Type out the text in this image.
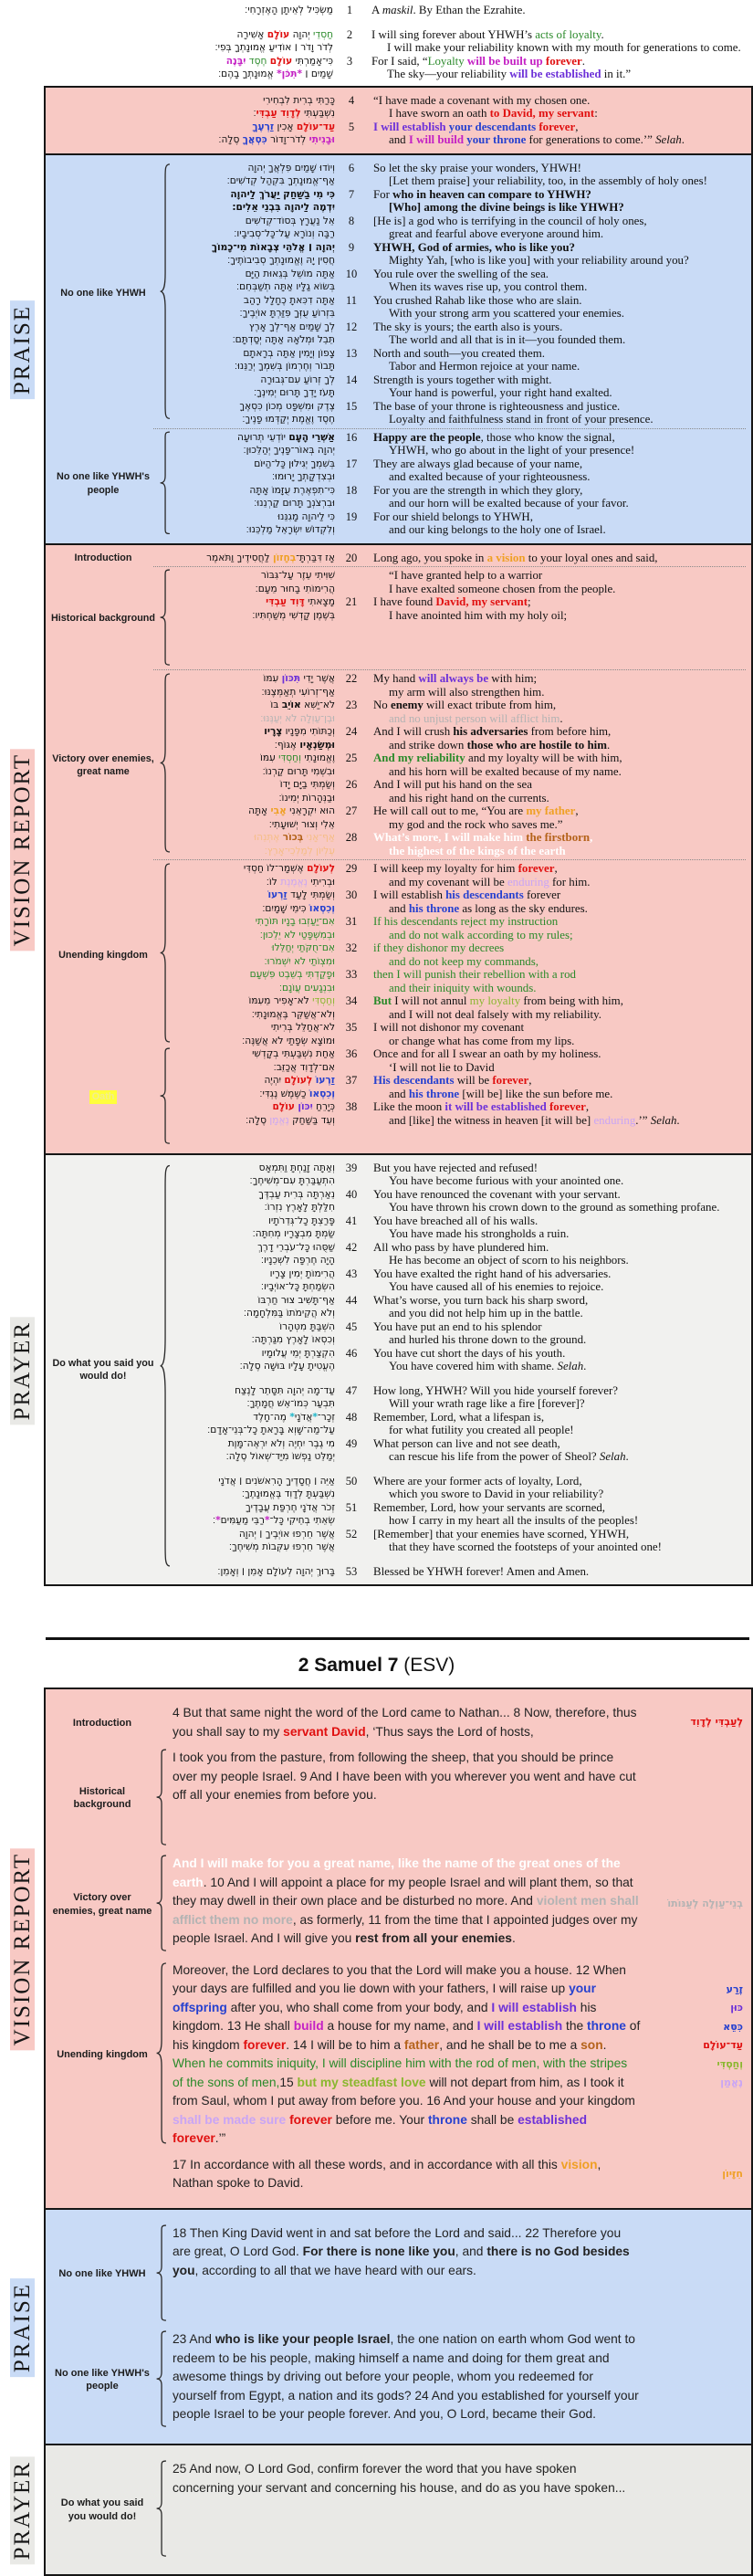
מַשְׂכִּיל לְאֵיתָן הָאֶזְרָחִי׃	1	A maskil. By Ethan the Ezrahite.
חַסְדֵי יְהוָה עוֹלָם אָשִׁירָה
לְדֹר וָדֹר ׀ אוֹדִיעַ אֱמוּנָתְךָ בְּפִי׃
2	I will sing forever about YHWH’s acts of loyalty.
I will make your reliability known with my mouth for generations to come.
כִּי־אָמַרְתִּי עוֹלָם חֶסֶד יִבָּנֶה
שָׁמַיִם ׀ *תִּכֹּן* אֱמוּנָתְךָ בָהֶם׃
3	For I said, “Loyalty will be built up forever.
The sky—your reliability will be established in it.”
כָּרַתִּי בְרִית לִבְחִירִי
נִשְׁבַּעְתִּי לְדָוִד עַבְדִּי׃
4	“I have made a covenant with my chosen one.
I have sworn an oath to David, my servant:
עַד־עוֹלָם אָכִין זַרְעֶךָ
וּבָנִיתִי לְדֹר־וָדוֹר כִּסְאֲךָ סֶלָה׃
5	I will establish your descendants forever,
and I will build your throne for generations to come.’” Selah.
PRAISE
No one like YHWH
וְיוֹדוּ שָׁמַיִם פִּלְאֲךָ יְהוָה
אַף־אֱמוּנָתְךָ בִּקְהַל קְדֹשִׁים׃
6	So let the sky praise your wonders, YHWH!
[Let them praise] your reliability, too, in the assembly of holy ones!
כִּי מִי בַשַּׁחַק יַעֲרֹךְ לַיהוָה
יִדְמֶה לַיהוָה בִּבְנֵי אֵלִים׃
7	For who in heaven can compare to YHWH?
[Who] among the divine beings is like YHWH?
אֵל נַעֲרָץ בְּסוֹד־קְדֹשִׁים
רַבָּה וְנוֹרָא עַל־כָּל־סְבִיבָיו׃
8	[He is] a god who is terrifying in the council of holy ones,
great and fearful above everyone around him.
יְהוָה ׀ אֱלֹהֵי צְבָאוֹת מִי־כָמוֹךָ
חֲסִין יָהּ וֶאֱמוּנָתְךָ סְבִיבוֹתֶיךָ׃
9	YHWH, God of armies, who is like you?
Mighty Yah, [who is like you] with your reliability around you?
אַתָּה מוֹשֵׁל בְּגֵאוּת הַיָּם
בְּשׂוֹא גַלָּיו אַתָּה תְשַׁבְּחֵם׃
10	You rule over the swelling of the sea.
When its waves rise up, you control them.
אַתָּה דִכִּאתָ כֶחָלָל רָהַב
בִּזְרוֹעַ עֻזְּךָ פִּזַּרְתָּ אוֹיְבֶיךָ׃
11	You crushed Rahab like those who are slain.
With your strong arm you scattered your enemies.
לְךָ שָׁמַיִם אַף־לְךָ אָרֶץ
תֵּבֵל וּמְלֹאָהּ אַתָּה יְסַדְתָּם׃
12	The sky is yours; the earth also is yours.
The world and all that is in it—you founded them.
צָפוֹן וְיָמִין אַתָּה בְרָאתָם
תָּבוֹר וְחֶרְמוֹן בְּשִׁמְךָ יְרַנֵּנוּ׃
13	North and south—you created them.
Tabor and Hermon rejoice at your name.
לְךָ זְרוֹעַ עִם־גְּבוּרָה
תָּעֹז יָדְךָ תָּרוּם יְמִינֶךָ׃
14	Strength is yours together with might.
Your hand is powerful, your right hand exalted.
צֶדֶק וּמִשְׁפָּט מְכוֹן כִּסְאֶךָ
חֶסֶד וֶאֱמֶת יְקַדְּמוּ פָנֶיךָ׃
15	The base of your throne is righteousness and justice.
Loyalty and faithfulness stand in front of your presence.
No one like YHWH's people
אַשְׁרֵי הָעָם יוֹדְעֵי תְרוּעָה
יְהוָה בְּאוֹר־פָּנֶיךָ יְהַלֵּכוּן׃
16	Happy are the people, those who know the signal,
YHWH, who go about in the light of your presence!
בְּשִׁמְךָ יְגִילוּן כָּל־הַיּוֹם
וּבְצִדְקָתְךָ יָרוּמוּ׃
17	They are always glad because of your name,
and exalted because of your righteousness.
כִּי־תִפְאֶרֶת עֻזָּמוֹ אָתָּה
וּבִרְצֹנְךָ תָּרוּם קַרְנֵנוּ׃
18	For you are the strength in which they glory,
and our horn will be exalted because of your favor.
כִּי לַיהוָה מָגִנֵּנוּ
וְלִקְדוֹשׁ יִשְׂרָאֵל מַלְכֵּנוּ׃
19	For our shield belongs to YHWH,
and our king belongs to the holy one of Israel.
VISION REPORT
Introduction	אָז דִּבַּרְתָּ־בְחָזוֹן לַחֲסִידֶיךָ וַתֹּאמֶר	20	Long ago, you spoke in a vision to your loyal ones and said,
Historical background
שִׁוִּיתִי עֵזֶר עַל־גִּבּוֹר
הֲרִימוֹתִי בָחוּר מֵעָם׃
“I have granted help to a warrior
I have exalted someone chosen from the people.
מָצָאתִי דָּוִד עַבְדִּי
בְּשֶׁמֶן קָדְשִׁי מְשַׁחְתִּיו׃
21	I have found David, my servant;
I have anointed him with my holy oil;
Victory over enemies, great name
אֲשֶׁר יָדִי תִּכּוֹן עִמּוֹ
אַף־זְרוֹעִי תְאַמְּצֶנּוּ׃
22	My hand will always be with him;
my arm will also strengthen him.
לֹא־יַשִּׁא אוֹיֵב בּוֹ
וּבֶן־עַוְלָה לֹא יְעַנֶּנּוּ׃
23	No enemy will exact tribute from him,
and no unjust person will afflict him.
וְכַתּוֹתִי מִפָּנָיו צָרָיו
וּמְשַׂנְאָיו אֶגּוֹף׃
24	And I will crush his adversaries from before him,
and strike down those who are hostile to him.
וֶאֱמוּנָתִי וְחַסְדִּי עִמּוֹ
וּבִשְׁמִי תָּרוּם קַרְנוֹ׃
25	And my reliability and my loyalty will be with him,
and his horn will be exalted because of my name.
וְשַׂמְתִּי בַיָּם יָדוֹ
וּבַנְּהָרוֹת יְמִינוֹ׃
26	And I will put his hand on the sea
and his right hand on the currents.
הוּא יִקְרָאֵנִי אָבִי אָתָּה
אֵלִי וְצוּר יְשׁוּעָתִי׃
27	He will call out to me, “You are my father,
my god and the rock who saves me.”
אַף־אָנִי בְּכוֹר אֶתְּנֵהוּ
עֶלְיוֹן לְמַלְכֵי־אָרֶץ׃
28	What’s more, I will make him the firstborn,
the highest of the kings of the earth
Unending kingdom
לְעוֹלָם אֶשְׁמָר־לוֹ חַסְדִּי
וּבְרִיתִי נֶאֱמֶנֶת לוֹ׃
29	I will keep my loyalty for him forever,
and my covenant will be enduring for him.
וְשַׂמְתִּי לָעַד זַרְעוֹ
וְכִסְאוֹ כִּימֵי שָׁמָיִם׃
30	I will establish his descendants forever
and his throne as long as the sky endures.
אִם־יַעַזְבוּ בָנָיו תּוֹרָתִי
וּבְמִשְׁפָּטַי לֹא יֵלֵכוּן׃
31	If his descendants reject my instruction
and do not walk according to my rules;
אִם־חֻקֹּתַי יְחַלֵּלוּ
וּמִצְוֹתַי לֹא יִשְׁמֹרוּ׃
32	if they dishonor my decrees
and do not keep my commands,
וּפָקַדְתִּי בְשֵׁבֶט פִּשְׁעָם
וּבִנְגָעִים עֲוֹנָם׃
33	then I will punish their rebellion with a rod
and their iniquity with wounds.
וְחַסְדִּי לֹא־אָפִיר מֵעִמּוֹ
וְלֹא־אֲשַׁקֵּר בֶּאֱמוּנָתִי׃
34	But I will not annul my loyalty from being with him,
and I will not deal falsely with my reliability.
לֹא־אֲחַלֵּל בְּרִיתִי
וּמוֹצָא שְׂפָתַי לֹא אֲשַׁנֶּה׃
35	I will not dishonor my covenant
or change what has come from my lips.
Oath
אַחַת נִשְׁבַּעְתִּי בְקָדְשִׁי
אִם־לְדָוִד אֲכַזֵּב׃
36	Once and for all I swear an oath by my holiness.
‘I will not lie to David
זַרְעוֹ לְעוֹלָם יִהְיֶה
וְכִסְאוֹ כַשֶּׁמֶשׁ נֶגְדִּי׃
37	His descendants will be forever,
and his throne [will be] like the sun before me.
כְּיָרֵחַ יִכּוֹן עוֹלָם
וְעֵד בַּשַּׁחַק נֶאֱמָן סֶלָה׃
38	Like the moon it will be established forever,
and [like] the witness in heaven [it will be] enduring.’” Selah.
PRAYER Do what you said you would do!
וְאַתָּה זָנַחְתָּ וַתִּמְאָס
הִתְעַבַּרְתָּ עִם־מְשִׁיחֶךָ׃
39	But you have rejected and refused!
You have become furious with your anointed one.
נֵאַרְתָּה בְּרִית עַבְדֶּךָ
חִלַּלְתָּ לָאָרֶץ נִזְרוֹ׃
40	You have renounced the covenant with your servant.
You have thrown his crown down to the ground as something profane.
פָּרַצְתָּ כָל־גְּדֵרֹתָיו
שַׂמְתָּ מִבְצָרָיו מְחִתָּה׃
41	You have breached all of his walls.
You have made his strongholds a ruin.
שַׁסֻּהוּ כָּל־עֹבְרֵי דָרֶךְ
הָיָה חֶרְפָּה לִשְׁכֵנָיו׃
42	All who pass by have plundered him.
He has become an object of scorn to his neighbors.
הֲרִימוֹתָ יְמִין צָרָיו
הִשְׂמַחְתָּ כָּל־אוֹיְבָיו׃
43	You have exalted the right hand of his adversaries.
You have caused all of his enemies to rejoice.
אַף־תָּשִׁיב צוּר חַרְבּוֹ
וְלֹא הֲקֵימֹתוֹ בַּמִּלְחָמָה׃
44	What’s worse, you turn back his sharp sword,
and you did not help him up in the battle.
הִשְׁבַּתָּ מִטְּהָרוֹ
וְכִסְאוֹ לָאָרֶץ מִגַּרְתָּה׃
45	You have put an end to his splendor
and hurled his throne down to the ground.
הִקְצַרְתָּ יְמֵי עֲלוּמָיו
הֶעֱטִיתָ עָלָיו בּוּשָׁה סֶלָה׃
46	You have cut short the days of his youth.
You have covered him with shame. Selah.
עַד־מָה יְהוָה תִּסָּתֵר לָנֶצַח
תִּבְעַר כְּמוֹ־אֵשׁ חֲמָתֶךָ׃
47	How long, YHWH? Will you hide yourself forever?
Will your wrath rage like a fire [forever]?
זְכָר־*אֲדֹנָי* מֶה־חָלֶד
עַל־מַה־שָּׁוְא בָּרָאתָ כָל־בְּנֵי־אָדָם׃
48	Remember, Lord, what a lifespan is,
for what futility you created all people!
מִי גֶבֶר יִחְיֶה וְלֹא יִרְאֶה־מָּוֶת
יְמַלֵּט נַפְשׁוֹ מִיַּד־שְׁאוֹל סֶלָה׃
49	What person can live and not see death,
can rescue his life from the power of Sheol? Selah.
אַיֵּה ׀ חֲסָדֶיךָ הָרִאשֹׁנִים ׀ אֲדֹנָי
נִשְׁבַּעְתָּ לְדָוִד בֶּאֱמוּנָתֶךָ׃
50	Where are your former acts of loyalty, Lord,
which you swore to David in your reliability?
זְכֹר אֲדֹנָי חֶרְפַּת עֲבָדֶיךָ
שְׂאֵתִי בְחֵיקִי כָּל־*רַבֵּי מַעַמִּים*׃
51	Remember, Lord, how your servants are scorned,
how I carry in my heart all the insults of the peoples!
אֲשֶׁר חֵרְפוּ אוֹיְבֶיךָ ׀ יְהוָה
אֲשֶׁר חֵרְפוּ עִקְּבוֹת מְשִׁיחֶךָ׃
52	[Remember] that your enemies have scorned, YHWH,
that they have scorned the footsteps of your anointed one!
בָּרוּךְ יְהוָה לְעוֹלָם אָמֵן ׀ וְאָמֵן׃ 53	Blessed be YHWH forever! Amen and Amen.
2 Samuel 7 (ESV)
VISION REPORT
Introduction
4 But that same night the word of the Lord came to Nathan... 8 Now, therefore, thus you shall say to my servant David, ‘Thus says the Lord of hosts,
לְעַבְדִּי לְדָוִד
Historical background
I took you from the pasture, from following the sheep, that you should be prince over my people Israel. 9 And I have been with you wherever you went and have cut off all your enemies from before you.
Victory over enemies, great name
And I will make for you a great name, like the name of the great ones of the earth. 10 And I will appoint a place for my people Israel and will plant them, so that they may dwell in their own place and be disturbed no more. And violent men shall afflict them no more, as formerly, 11 from the time that I appointed judges over my people Israel. And I will give you rest from all your enemies.
בְנֵי־עַוְלָה לְעַנּוֹתוֹ
Unending kingdom
Moreover, the Lord declares to you that the Lord will make you a house. 12 When your days are fulfilled and you lie down with your fathers, I will raise up your offspring after you, who shall come from your body, and I will establish his kingdom. 13 He shall build a house for my name, and I will establish the throne of his kingdom forever. 14 I will be to him a father, and he shall be to me a son. When he commits iniquity, I will discipline him with the rod of men, with the stripes of the sons of men,15 but my steadfast love will not depart from him, as I took it from Saul, whom I put away from before you. 16 And your house and your kingdom shall be made sure forever before me. Your throne shall be established forever.’”
זֶרַע
כּוּן
כִּסֵּא
עַד־עוֹלָם
וְחַסְדִּי
נֶאֱמַן
17 In accordance with all these words, and in accordance with all this vision, Nathan spoke to David.
חִזָּיוֹן
PRAISE
No one like YHWH
18 Then King David went in and sat before the Lord and said... 22 Therefore you are great, O Lord God. For there is none like you, and there is no God besides you, according to all that we have heard with our ears.
No one like YHWH's people
23 And who is like your people Israel, the one nation on earth whom God went to redeem to be his people, making himself a name and doing for them great and awesome things by driving out before your people, whom you redeemed for yourself from Egypt, a nation and its gods? 24 And you established for yourself your people Israel to be your people forever. And you, O Lord, became their God.
PRAYER	Do what you said you would do!
25 And now, O Lord God, confirm forever the word that you have spoken concerning your servant and concerning his house, and do as you have spoken...
